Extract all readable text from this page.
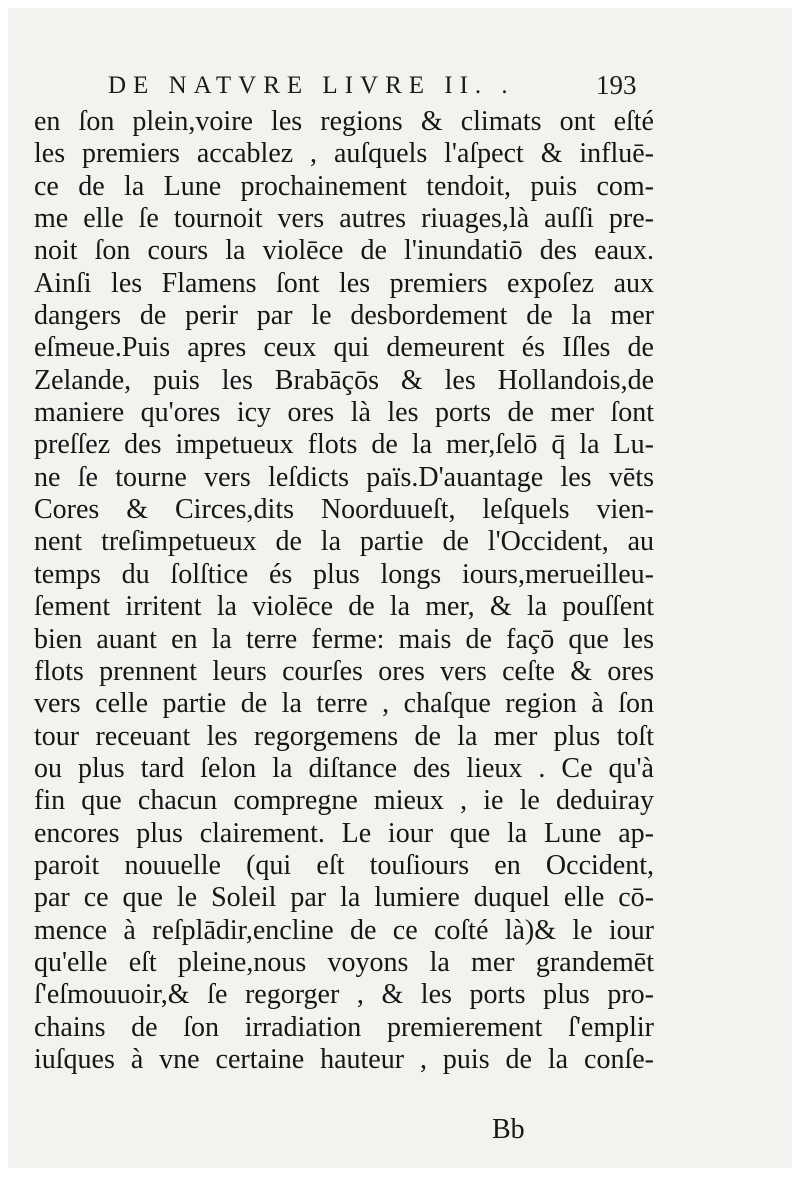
DE NATVRE LIVRE II. .	193
en ſon plein,voire les regions & climats ont eſté
les premiers accablez , auſquels l'aſpect & influē-
ce de la Lune prochainement tendoit, puis com-
me elle ſe tournoit vers autres riuages,là auſſi pre-
noit ſon cours la violēce de l'inundatiō des eaux.
Ainſi les Flamens ſont les premiers expoſez aux
dangers de perir par le desbordement de la mer
eſmeue.Puis apres ceux qui demeurent és Iſles de
Zelande, puis les Brabāçōs & les Hollandois,de
maniere qu'ores icy ores là les ports de mer ſont
preſſez des impetueux flots de la mer,ſelō q̄ la Lu-
ne ſe tourne vers leſdicts païs.D'auantage les vēts
Cores & Circes,dits Noorduueſt, leſquels vien-
nent treſimpetueux de la partie de l'Occident, au
temps du ſolſtice és plus longs iours,merueilleu-
ſement irritent la violēce de la mer, & la pouſſent
bien auant en la terre ferme: mais de façō que les
flots prennent leurs courſes ores vers ceſte & ores
vers celle partie de la terre , chaſque region à ſon
tour receuant les regorgemens de la mer plus toſt
ou plus tard ſelon la diſtance des lieux . Ce qu'à
fin que chacun compregne mieux , ie le deduiray
encores plus clairement. Le iour que la Lune ap-
paroit nouuelle (qui eſt touſiours en Occident,
par ce que le Soleil par la lumiere duquel elle cō-
mence à reſplādir,encline de ce coſté là)& le iour
qu'elle eſt pleine,nous voyons la mer grandemēt
ſ'eſmouuoir,& ſe regorger , & les ports plus pro-
chains de ſon irradiation premierement ſ'emplir
iuſques à vne certaine hauteur , puis de la conſe-
Bb
